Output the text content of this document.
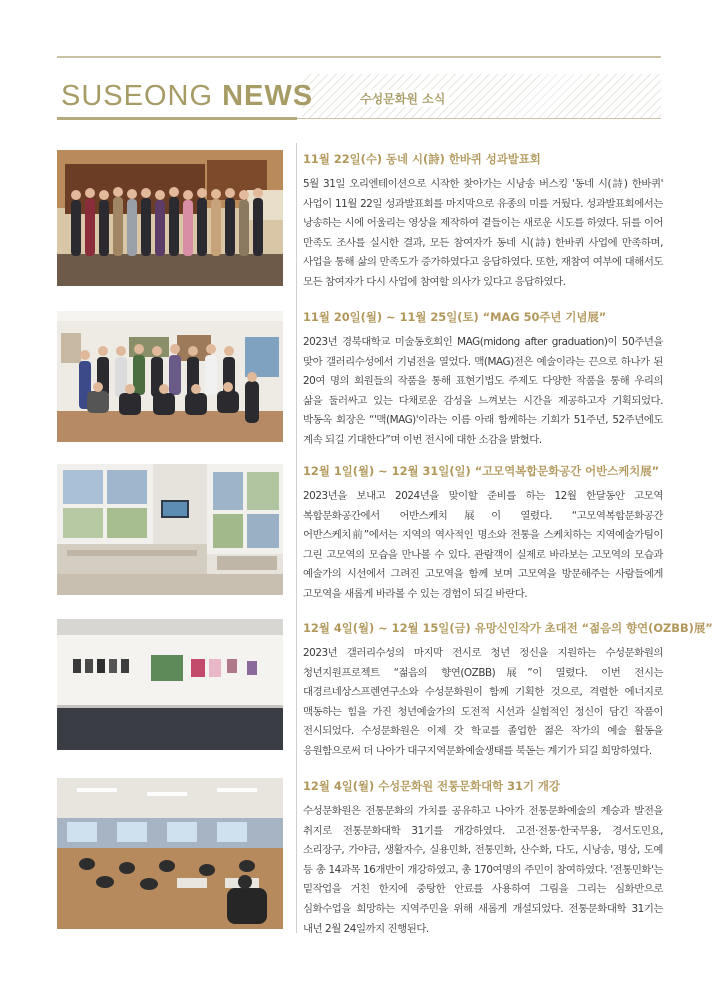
SUSEONG NEWS	수성문화원 소식

11월 22일(수) 동네 시(詩) 한바퀴 성과발표회

5월 31일 오리엔테이션으로 시작한 찾아가는 시낭송 버스킹 '동네 시(詩) 한바퀴' 사업이 11월 22일 성과발표회를 마지막으로 유종의 미를 거뒀다. 성과발표회에서는 낭송하는 시에 어울리는 영상을 제작하여 곁들이는 새로운 시도를 하였다. 뒤를 이어 만족도 조사를 실시한 결과, 모든 참여자가 동네 시(詩) 한바퀴 사업에 만족하며, 사업을 통해 삶의 만족도가 증가하였다고 응답하였다. 또한, 재참여 여부에 대해서도 모든 참여자가 다시 사업에 참여할 의사가 있다고 응답하였다.

11월 20일(월) ~ 11월 25일(토) “MAG 50주년 기념展”

2023년 경북대학교 미술동호회인 MAG(midong after graduation)이 50주년을 맞아 갤러리수성에서 기념전을 열었다. 맥(MAG)전은 예술이라는 끈으로 하나가 된 20여 명의 회원들의 작품을 통해 표현기법도 주제도 다양한 작품을 통해 우리의 삶을 둘러싸고 있는 다채로운 감성을 느껴보는 시간을 제공하고자 기획되었다. 박동옥 회장은 “'맥(MAG)'이라는 이름 아래 함께하는 기회가 51주년, 52주년에도 계속 되길 기대한다”며 이번 전시에 대한 소감을 밝혔다.

12월 1일(월) ~ 12월 31일(일) “고모역복합문화공간 어반스케치展”

2023년을 보내고 2024년을 맞이할 준비를 하는 12월 한달동안 고모역 복합문화공간에서 어반스케치展이 열렸다. “고모역복합문화공간 어반스케치前”에서는 지역의 역사적인 명소와 전통을 스케치하는 지역예술가팀이 그린 고모역의 모습을 만나볼 수 있다. 관람객이 실제로 바라보는 고모역의 모습과 예술가의 시선에서 그려진 고모역을 함께 보며 고모역을 방문해주는 사람들에게 고모역을 새롭게 바라볼 수 있는 경험이 되길 바란다.

12월 4일(월) ~ 12월 15일(금) 유망신인작가 초대전 “젊음의 향연(OZBB)展”

2023년 갤러리수성의 마지막 전시로 청년 정신을 지원하는 수성문화원의 청년지원프로젝트 “젊음의 향연(OZBB)展”이 열렸다. 이번 전시는 대경르네상스프렌연구소와 수성문화원이 함께 기획한 것으로, 격렬한 에너지로 맥동하는 힘을 가진 청년예술가의 도전적 시선과 실험적인 정신이 담긴 작품이 전시되었다. 수성문화원은 이제 갓 학교를 졸업한 젊은 작가의 예술 활동을 응원함으로써 더 나아가 대구지역문화예술생태를 북돋는 계기가 되길 희망하였다.

12월 4일(월) 수성문화원 전통문화대학 31기 개강

수성문화원은 전통문화의 가치를 공유하고 나아가 전통문화예술의 계승과 발전을 취지로 전통문화대학 31기를 개강하였다. 고전·전통·한국무용, 경서도민요, 소리장구, 가야금, 생활자수, 실용민화, 전통민화, 산수화, 다도, 시낭송, 명상, 도예 등 총 14과목 16개반이 개강하였고, 총 170여명의 주민이 참여하였다. '전통민화'는 밑작업을 거친 한지에 중탕한 안료를 사용하여 그림을 그리는 심화반으로 심화수업을 희망하는 지역주민을 위해 새롭게 개설되었다. 전통문화대학 31기는 내년 2월 24일까지 진행된다.
